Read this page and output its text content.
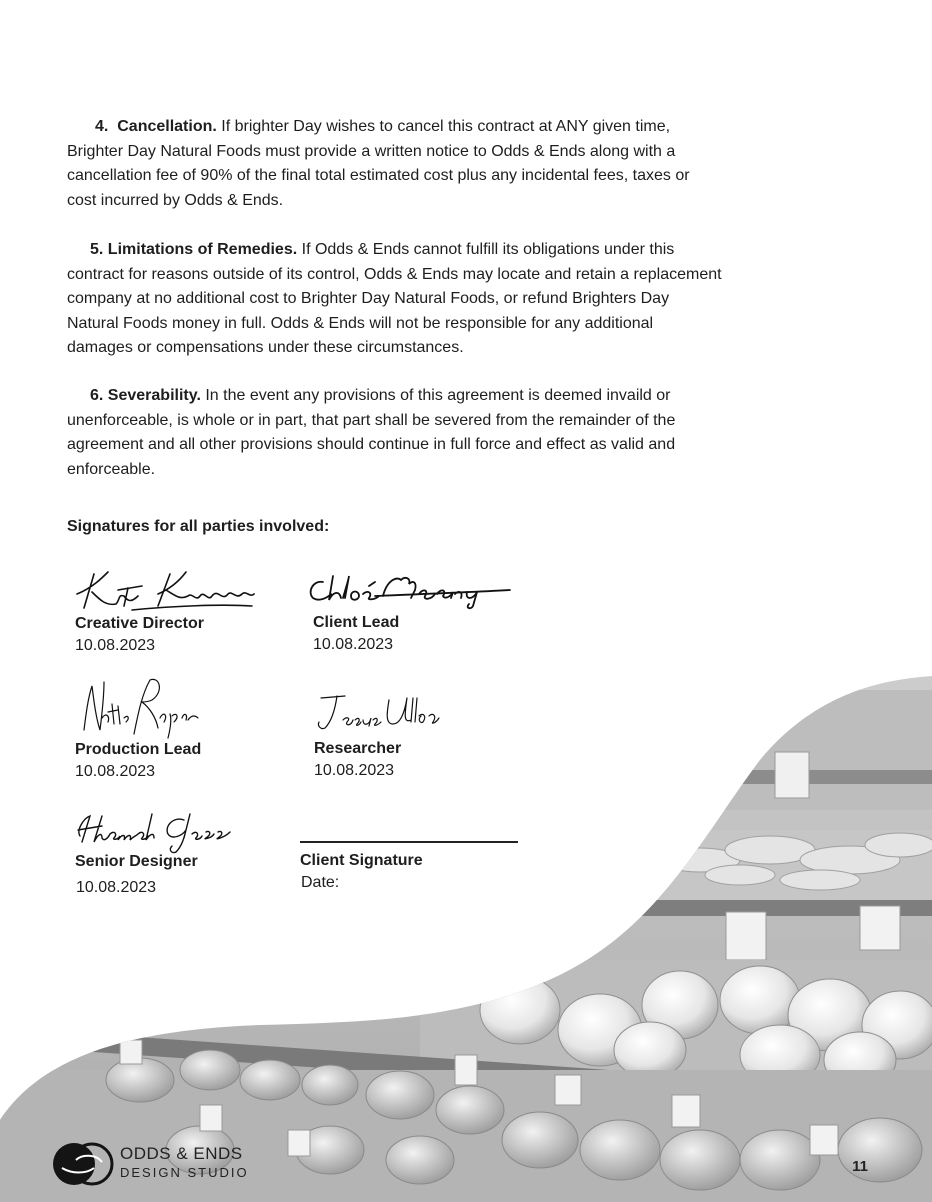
4. Cancellation. If brighter Day wishes to cancel this contract at ANY given time, Brighter Day Natural Foods must provide a written notice to Odds & Ends along with a cancellation fee of 90% of the final total estimated cost plus any incidental fees, taxes or cost incurred by Odds & Ends.
5. Limitations of Remedies. If Odds & Ends cannot fulfill its obligations under this contract for reasons outside of its control, Odds & Ends may locate and retain a replacement company at no additional cost to Brighter Day Natural Foods, or refund Brighters Day Natural Foods money in full. Odds & Ends will not be responsible for any additional damages or compensations under these circumstances.
6. Severability. In the event any provisions of this agreement is deemed invaild or unenforceable, is whole or in part, that part shall be severed from the remainder of the agreement and all other provisions should continue in full force and effect as valid and enforceable.
Signatures for all parties involved:
Creative Director
10.08.2023
Client Lead
10.08.2023
Production Lead
10.08.2023
Researcher
10.08.2023
Senior Designer
10.08.2023
Client Signature
Date:
ODDS & ENDS
DESIGN STUDIO	11
